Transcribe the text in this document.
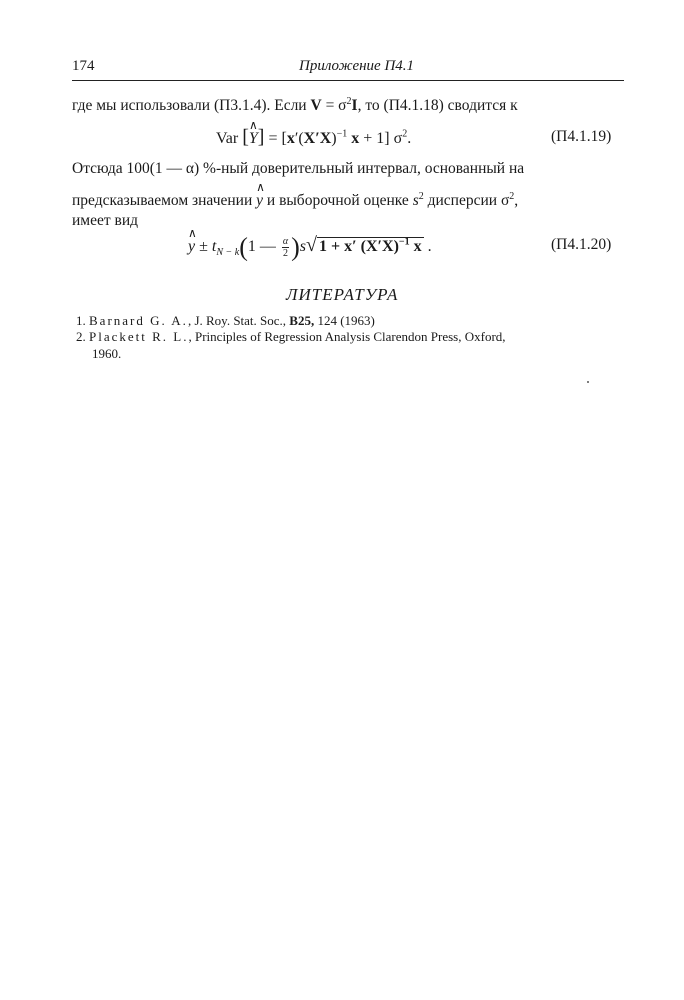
174	Приложение П4.1
где мы использовали (П3.1.4). Если $V = \sigma^2I$, то (П4.1.18) сводится к
Var [∧ $Y] = [x'(X'X)^{-1}$ x + 1] $\sigma^2$.	(П4.1.19)
Отсюда 100(1 — α) %-ный доверительный интервал, основанный на
предсказываемом значении ∧ y и выборочной оценке $s^2$ дисперсии $\sigma^2$,
имеет вид
∧ $y \pm t_{N - k}(1$ — $\frac{\alpha}{2} )s√$ 1 + x′ $(X'X)^{-1}$ x .	(П4.1.20)
ЛИТЕРАТУРА
1. Barnard G. A., J. Roy. Stat. Soc., B25, 124 (1963)
2. Plackett R. L., Principles of Regression Analysis Clarendon Press, Oxford,
1960.
